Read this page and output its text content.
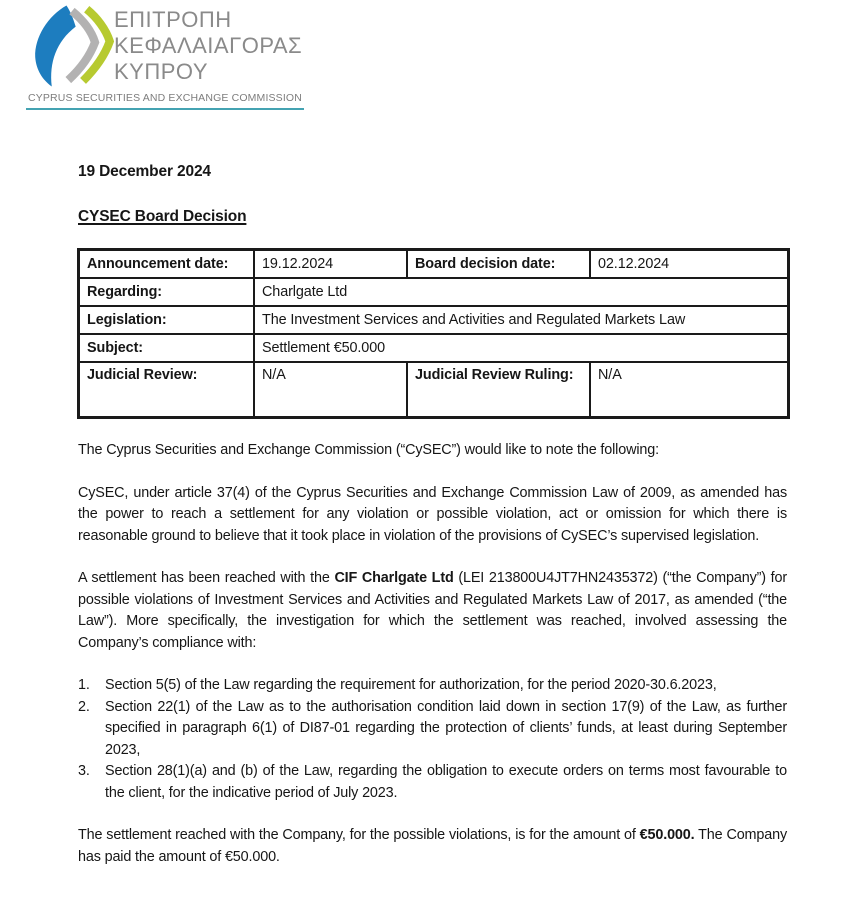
ΕΠΙΤΡΟΠΗ
ΚΕΦΑΛΑΙΑΓΟΡΑΣ
ΚΥΠΡΟΥ
CYPRUS SECURITIES AND EXCHANGE COMMISSION
19 December 2024
CYSEC Board Decision
Announcement date:	19.12.2024	Board decision date:	02.12.2024
Regarding:	Charlgate Ltd		
Legislation:	The Investment Services and Activities and Regulated Markets Law		
Subject:	Settlement €50.000		
Judicial Review:	N/A	Judicial Review Ruling:	N/A
The Cyprus Securities and Exchange Commission (“CySEC”) would like to note the following:
CySEC, under article 37(4) of the Cyprus Securities and Exchange Commission Law of 2009, as amended has the power to reach a settlement for any violation or possible violation, act or omission for which there is reasonable ground to believe that it took place in violation of the provisions of CySEC’s supervised legislation.
A settlement has been reached with the CIF Charlgate Ltd (LEI 213800U4JT7HN2435372) (“the Company”) for possible violations of Investment Services and Activities and Regulated Markets Law of 2017, as amended (“the Law”). More specifically, the investigation for which the settlement was reached, involved assessing the Company’s compliance with:
1. Section 5(5) of the Law regarding the requirement for authorization, for the period 2020-30.6.2023,
2. Section 22(1) of the Law as to the authorisation condition laid down in section 17(9) of the Law, as further specified in paragraph 6(1) of DI87-01 regarding the protection of clients’ funds, at least during September 2023,
3. Section 28(1)(a) and (b) of the Law, regarding the obligation to execute orders on terms most favourable to the client, for the indicative period of July 2023.
The settlement reached with the Company, for the possible violations, is for the amount of €50.000. The Company has paid the amount of €50.000.
